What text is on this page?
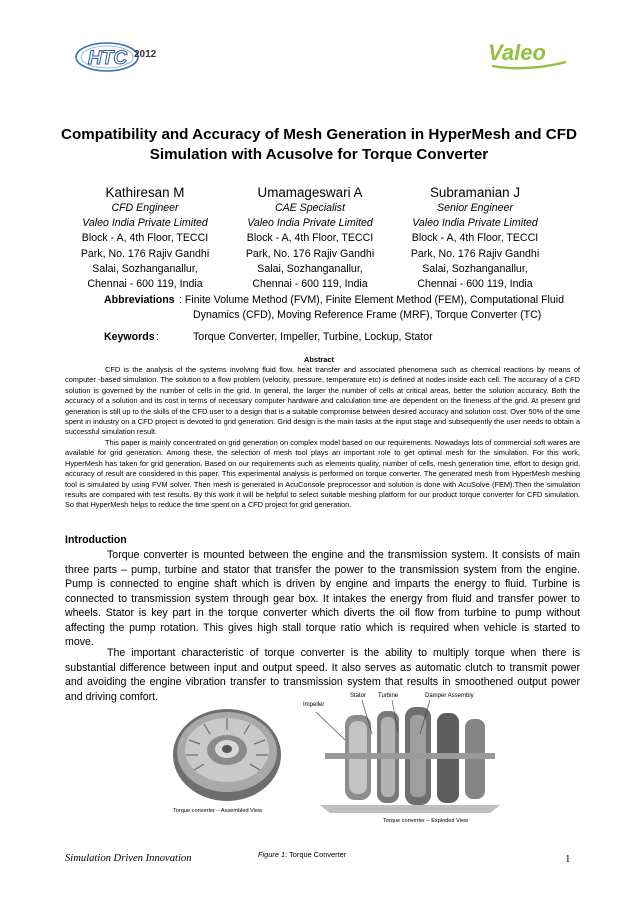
HTC 2012	Valeo
Compatibility and Accuracy of Mesh Generation in HyperMesh and CFD
Simulation with Acusolve for Torque Converter
Kathiresan M
CFD Engineer
Valeo India Private Limited
Block - A, 4th Floor, TECCI
Park, No. 176 Rajiv Gandhi
Salai, Sozhanganallur,
Chennai - 600 119, India
Umamageswari A
CAE Specialist
Valeo India Private Limited
Block - A, 4th Floor, TECCI
Park, No. 176 Rajiv Gandhi
Salai, Sozhanganallur,
Chennai - 600 119, India
Subramanian J
Senior Engineer
Valeo India Private Limited
Block - A, 4th Floor, TECCI
Park, No. 176 Rajiv Gandhi
Salai, Sozhanganallur,
Chennai - 600 119, India
Abbreviations : Finite Volume Method (FVM), Finite Element Method (FEM), Computational Fluid
Dynamics (CFD), Moving Reference Frame (MRF), Torque Converter (TC)
Keywords :	Torque Converter, Impeller, Turbine, Lockup, Stator
Abstract
CFD is the analysis of the systems involving fluid flow, heat transfer and associated phenomena such as chemical reactions by means of computer -based simulation. The solution to a flow problem (velocity, pressure, temperature etc) is defined at nodes inside each cell. The accuracy of a CFD solution is governed by the number of cells in the grid. In general, the larger the number of cells at critical areas, better the solution accuracy. Both the accuracy of a solution and its cost in terms of necessary computer hardware and calculation time are dependent on the fineness of the grid. At present grid generation is still up to the skills of the CFD user to a design that is a suitable compromise between desired accuracy and solution cost. Over 50% of the time spent in industry on a CFD project is devoted to grid generation. Grid design is the main tasks at the input stage and subsequently the user needs to obtain a successful simulation result.
This paper is mainly concentrated on grid generation on complex model based on our requirements. Nowadays lots of commercial soft wares are available for grid generation. Among these, the selection of mesh tool plays an important role to get optimal mesh for the simulation. For this work, HyperMesh has taken for grid generation. Based on our requirements such as elements quality, number of cells, mesh generation time, effort to design grid, accuracy of result are considered in this paper. This experimental analysis is performed on torque converter. The generated mesh from HyperMesh meshing tool is simulated by using FVM solver. Then mesh is generated in AcuConsole preprocessor and solution is done with AcuSolve (FEM).Then the simulation results are compared with test results. By this work it will be helpful to select suitable meshing platform for our product torque converter for CFD simulation. So that HyperMesh helps to reduce the time spent on a CFD project for grid generation.
Introduction
Torque converter is mounted between the engine and the transmission system. It consists of main three parts – pump, turbine and stator that transfer the power to the transmission system from the engine. Pump is connected to engine shaft which is driven by engine and imparts the energy to fluid. Turbine is connected to transmission system through gear box. It intakes the energy from fluid and transfer power to wheels. Stator is key part in the torque converter which diverts the oil flow from turbine to pump without affecting the pump rotation. This gives high stall torque ratio which is required when vehicle is started to move.
The important characteristic of torque converter is the ability to multiply torque when there is substantial difference between input and output speed. It also serves as automatic clutch to transmit power and avoiding the engine vibration transfer to transmission system that results in smoothened output power and driving comfort.
Torque converter – Assembled View
Impeller
Stator Turbine	Damper Assembly
Torque converter – Exploded View
Simulation Driven Innovation	Figure 1: Torque Converter	1
